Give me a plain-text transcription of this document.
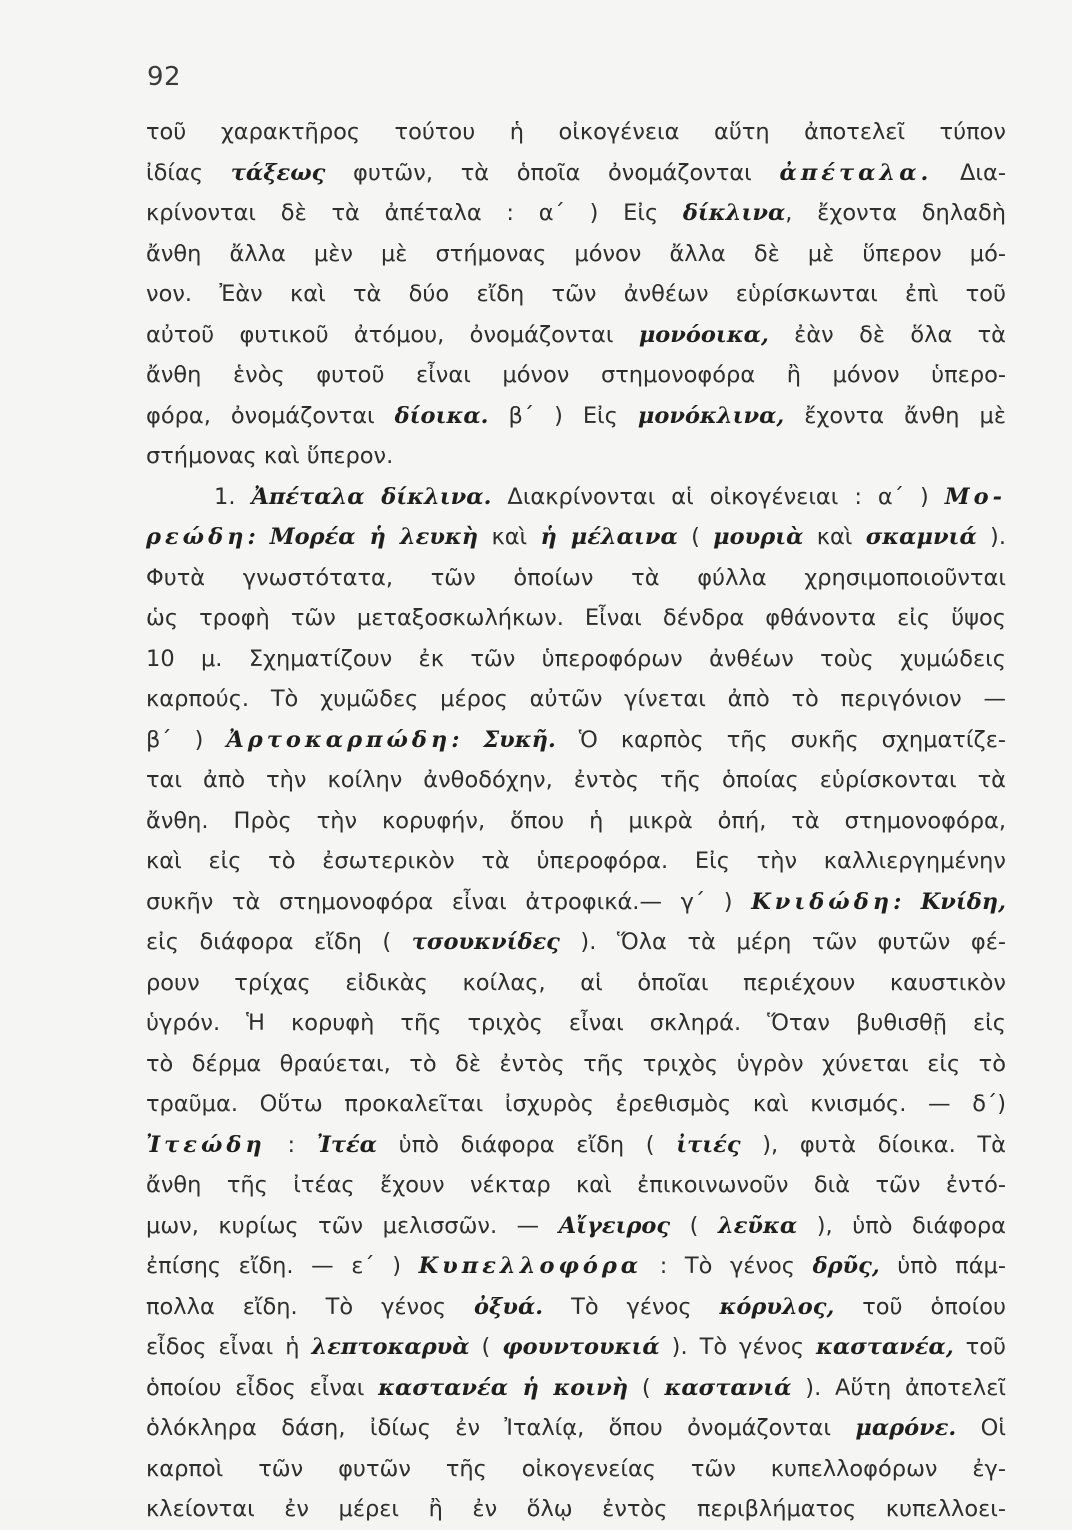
92
τοῦ χαρακτῆρος τούτου ἡ οἰκογένεια αὕτη ἀποτελεῖ τύπον
ἰδίας τάξεως φυτῶν, τὰ ὁποῖα ὀνομάζονται ἀπέταλα. Δια-
κρίνονται δὲ τὰ ἀπέταλα : α΄ ) Εἰς δίκλινα, ἔχοντα δηλαδὴ
ἄνθη ἄλλα μὲν μὲ στήμονας μόνον ἄλλα δὲ μὲ ὕπερον μό-
νον. Ἐὰν καὶ τὰ δύο εἴδη τῶν ἀνθέων εὑρίσκωνται ἐπὶ τοῦ
αὐτοῦ φυτικοῦ ἀτόμου, ὀνομάζονται μονόοικα, ἐὰν δὲ ὅλα τὰ
ἄνθη ἑνὸς φυτοῦ εἶναι μόνον στημονοφόρα ἢ μόνον ὑπερο-
φόρα, ὀνομάζονται δίοικα. β΄ ) Εἰς μονόκλινα, ἔχοντα ἄνθη μὲ
στήμονας καὶ ὕπερον.
1. Ἀπέταλα δίκλινα. Διακρίνονται αἱ οἰκογένειαι : α΄ ) Μο-
ρεώδη: Μορέα ἡ λευκὴ καὶ ἡ μέλαινα ( μουριὰ καὶ σκαμνιά ).
Φυτὰ γνωστότατα, τῶν ὁποίων τὰ φύλλα χρησιμοποιοῦνται
ὡς τροφὴ τῶν μεταξοσκωλήκων. Εἶναι δένδρα φθάνοντα εἰς ὕψος
10 μ. Σχηματίζουν ἐκ τῶν ὑπεροφόρων ἀνθέων τοὺς χυμώδεις
καρπούς. Τὸ χυμῶδες μέρος αὐτῶν γίνεται ἀπὸ τὸ περιγόνιον —
β΄ ) Ἀρτοκαρπώδη: Συκῆ. Ὁ καρπὸς τῆς συκῆς σχηματίζε-
ται ἀπὸ τὴν κοίλην ἀνθοδόχην, ἐντὸς τῆς ὁποίας εὑρίσκονται τὰ
ἄνθη. Πρὸς τὴν κορυφήν, ὅπου ἡ μικρὰ ὀπή, τὰ στημονοφόρα,
καὶ εἰς τὸ ἐσωτερικὸν τὰ ὑπεροφόρα. Εἰς τὴν καλλιεργημένην
συκῆν τὰ στημονοφόρα εἶναι ἀτροφικά.— γ΄ ) Κνιδώδη: Κνίδη,
εἰς διάφορα εἴδη ( τσουκνίδες ). Ὅλα τὰ μέρη τῶν φυτῶν φέ-
ρουν τρίχας εἰδικὰς κοίλας, αἱ ὁποῖαι περιέχουν καυστικὸν
ὑγρόν. Ἡ κορυφὴ τῆς τριχὸς εἶναι σκληρά. Ὅταν βυθισθῇ εἰς
τὸ δέρμα θραύεται, τὸ δὲ ἐντὸς τῆς τριχὸς ὑγρὸν χύνεται εἰς τὸ
τραῦμα. Οὕτω προκαλεῖται ἰσχυρὸς ἐρεθισμὸς καὶ κνισμός. — δ΄)
Ἰτεώδη : Ἰτέα ὑπὸ διάφορα εἴδη ( ἰτιές ), φυτὰ δίοικα. Τὰ
ἄνθη τῆς ἰτέας ἔχουν νέκταρ καὶ ἐπικοινωνοῦν διὰ τῶν ἐντό-
μων, κυρίως τῶν μελισσῶν. — Αἴγειρος ( λεῦκα ), ὑπὸ διάφορα
ἐπίσης εἴδη. — ε΄ ) Κυπελλοφόρα : Τὸ γένος δρῦς, ὑπὸ πάμ-
πολλα εἴδη. Τὸ γένος ὀξυά. Τὸ γένος κόρυλος, τοῦ ὁποίου
εἶδος εἶναι ἡ λεπτοκαρυὰ ( φουντουκιά ). Τὸ γένος καστανέα, τοῦ
ὁποίου εἶδος εἶναι καστανέα ἡ κοινὴ ( καστανιά ). Αὕτη ἀποτελεῖ
ὁλόκληρα δάση, ἰδίως ἐν Ἰταλίᾳ, ὅπου ὀνομάζονται μαρόνε. Οἱ
καρποὶ τῶν φυτῶν τῆς οἰκογενείας τῶν κυπελλοφόρων ἐγ-
κλείονται ἐν μέρει ἢ ἐν ὅλῳ ἐντὸς περιβλήματος κυπελλοει-
